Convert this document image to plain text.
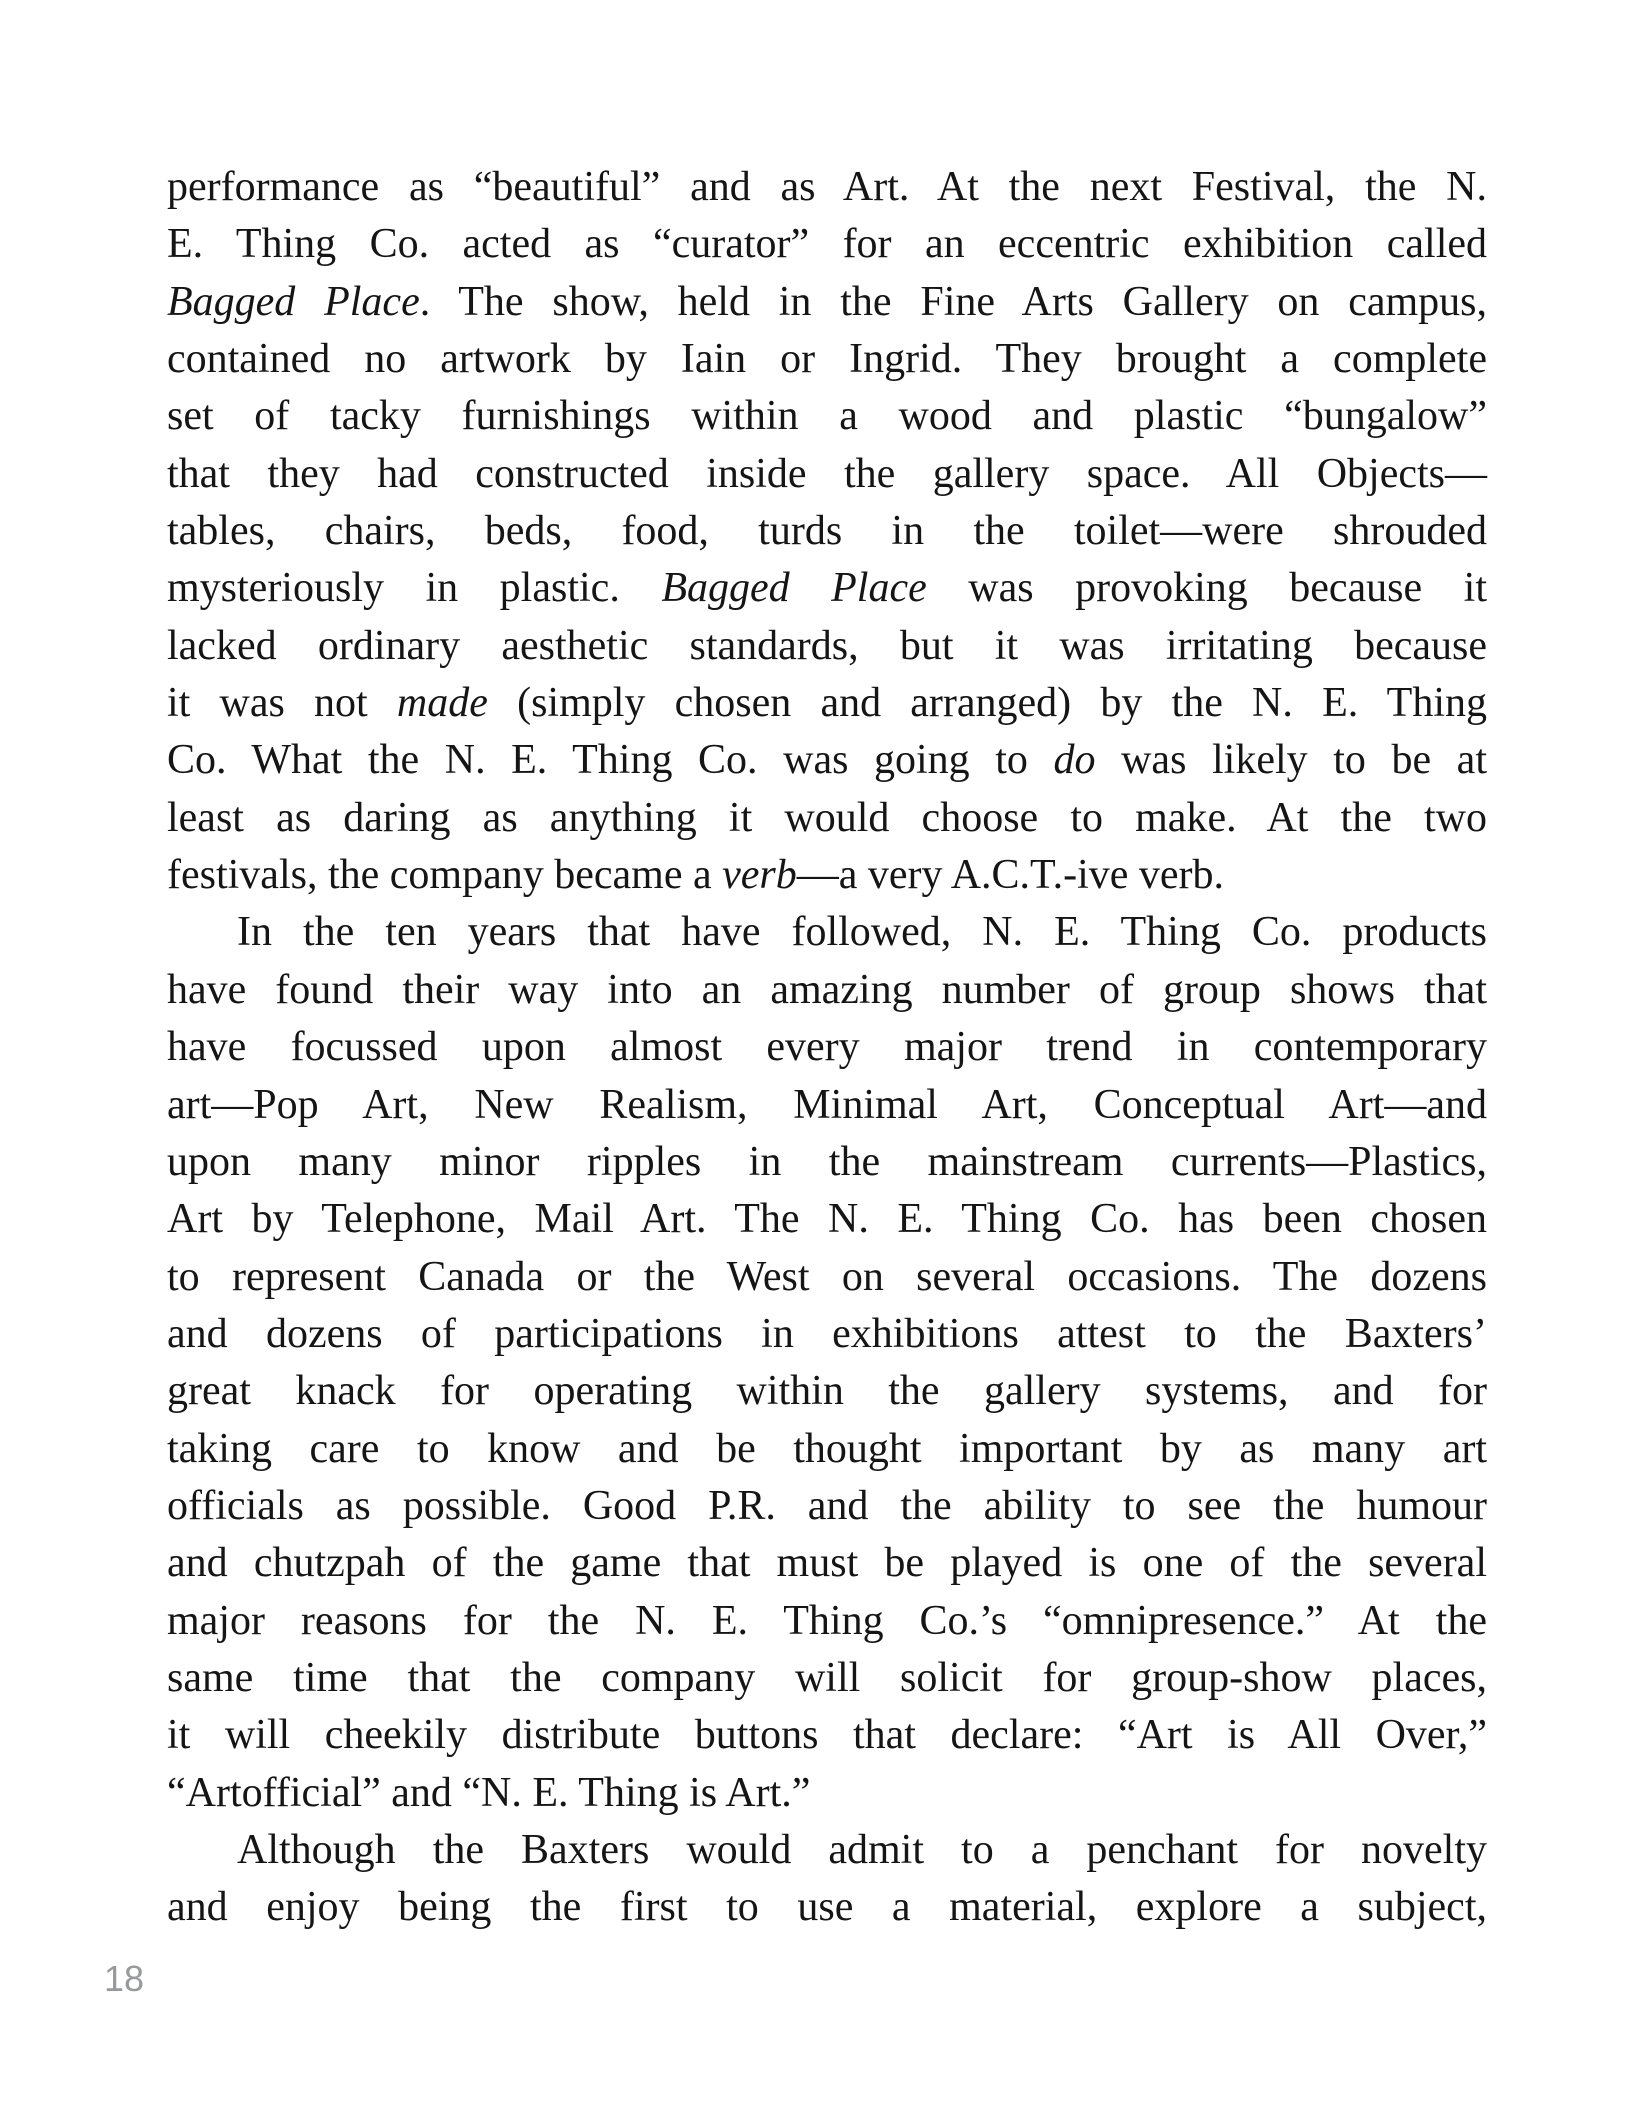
performance as “beautiful” and as Art. At the next Festival, the N.
E. Thing Co. acted as “curator” for an eccentric exhibition called
Bagged Place. The show, held in the Fine Arts Gallery on campus,
contained no artwork by Iain or Ingrid. They brought a complete
set of tacky furnishings within a wood and plastic “bungalow”
that they had constructed inside the gallery space. All Objects—
tables, chairs, beds, food, turds in the toilet—were shrouded
mysteriously in plastic. Bagged Place was provoking because it
lacked ordinary aesthetic standards, but it was irritating because
it was not made (simply chosen and arranged) by the N. E. Thing
Co. What the N. E. Thing Co. was going to do was likely to be at
least as daring as anything it would choose to make. At the two
festivals, the company became a verb—a very A.C.T.-ive verb.
In the ten years that have followed, N. E. Thing Co. products
have found their way into an amazing number of group shows that
have focussed upon almost every major trend in contemporary
art—Pop Art, New Realism, Minimal Art, Conceptual Art—and
upon many minor ripples in the mainstream currents—Plastics,
Art by Telephone, Mail Art. The N. E. Thing Co. has been chosen
to represent Canada or the West on several occasions. The dozens
and dozens of participations in exhibitions attest to the Baxters’
great knack for operating within the gallery systems, and for
taking care to know and be thought important by as many art
officials as possible. Good P.R. and the ability to see the humour
and chutzpah of the game that must be played is one of the several
major reasons for the N. E. Thing Co.’s “omnipresence.” At the
same time that the company will solicit for group-show places,
it will cheekily distribute buttons that declare: “Art is All Over,”
“Artofficial” and “N. E. Thing is Art.”
Although the Baxters would admit to a penchant for novelty
and enjoy being the first to use a material, explore a subject,
18
